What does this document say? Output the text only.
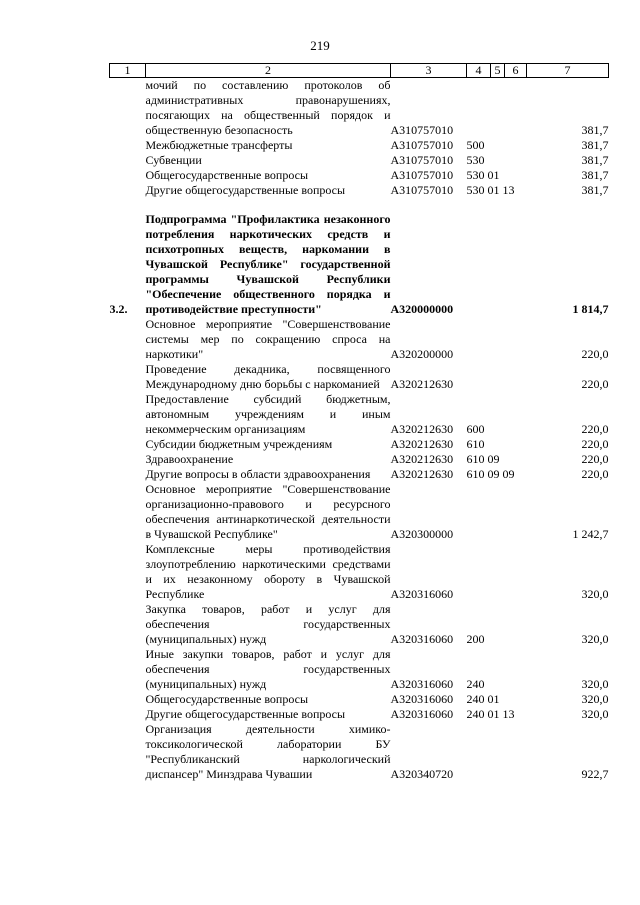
219
1	2	3	4	5	6	7
	мочий по составлению протоколов об административных правонарушениях, посягающих на общественный порядок и общественную безопасность	А310757010				381,7
	Межбюджетные трансферты	А310757010	500			381,7
	Субвенции	А310757010	530			381,7
	Общегосударственные вопросы	А310757010	530 01			381,7
	Другие общегосударственные вопросы	А310757010	530 01 13			381,7

3.2.	Подпрограмма "Профилактика незаконного потребления наркотических средств и психотропных веществ, наркомании в Чувашской Республике" государственной программы Чувашской Республики "Обеспечение общественного порядка и противодействие преступности"	А320000000				1 814,7
	Основное мероприятие "Совершенствование системы мер по сокращению спроса на наркотики"	А320200000				220,0
	Проведение декадника, посвященного Международному дню борьбы с наркоманией	А320212630				220,0
	Предоставление субсидий бюджетным, автономным учреждениям и иным некоммерческим организациям	А320212630	600			220,0
	Субсидии бюджетным учреждениям	А320212630	610			220,0
	Здравоохранение	А320212630	610 09			220,0
	Другие вопросы в области здравоохранения	А320212630	610 09 09			220,0
	Основное мероприятие "Совершенствование организационно-правового и ресурсного обеспечения антинаркотической деятельности в Чувашской Республике"	А320300000				1 242,7
	Комплексные меры противодействия злоупотреблению наркотическими средствами и их незаконному обороту в Чувашской Республике	А320316060				320,0
	Закупка товаров, работ и услуг для обеспечения государственных (муниципальных) нужд	А320316060	200			320,0
	Иные закупки товаров, работ и услуг для обеспечения государственных (муниципальных) нужд	А320316060	240			320,0
	Общегосударственные вопросы	А320316060	240 01			320,0
	Другие общегосударственные вопросы	А320316060	240 01 13			320,0
	Организация деятельности химико-токсикологической лаборатории БУ "Республиканский наркологический диспансер" Минздрава Чувашии	А320340720				922,7
